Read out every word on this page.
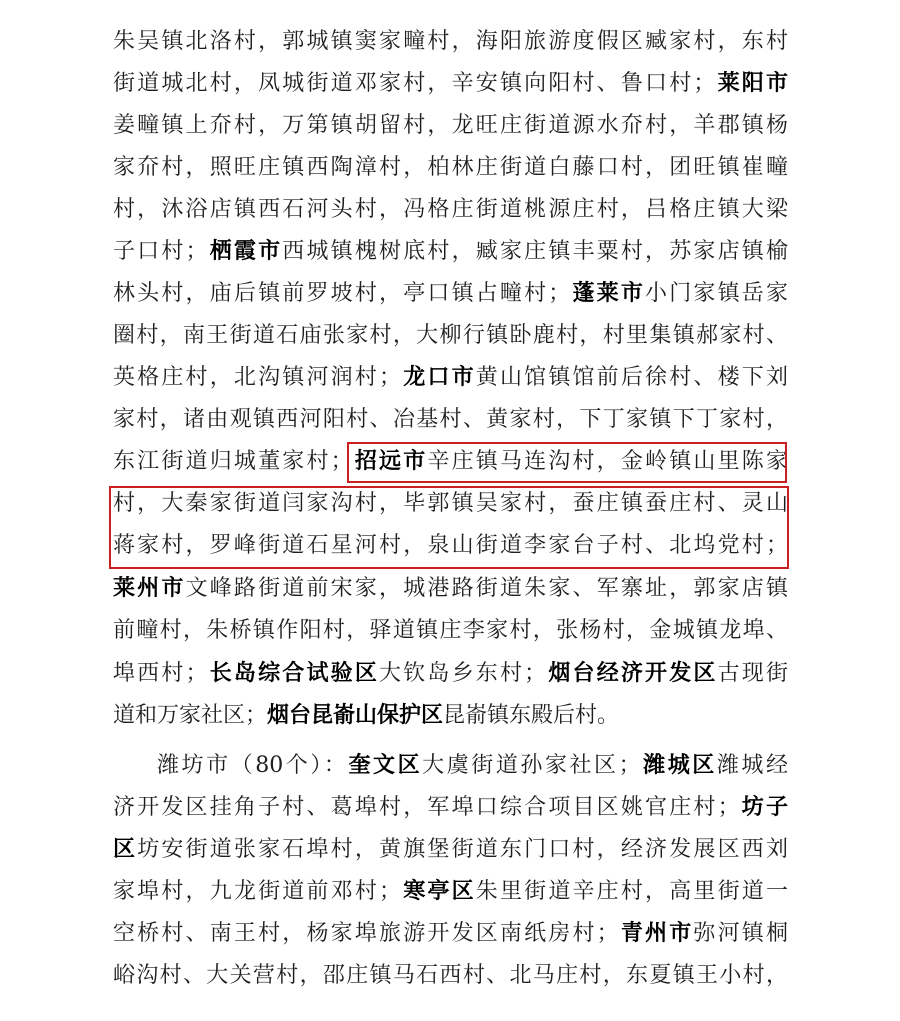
朱吴镇北洛村，郭城镇窦家疃村，海阳旅游度假区臧家村，东村
街道城北村，凤城街道邓家村，辛安镇向阳村、鲁口村；莱阳市
姜疃镇上夼村，万第镇胡留村，龙旺庄街道源水夼村，羊郡镇杨
家夼村，照旺庄镇西陶漳村，柏林庄街道白藤口村，团旺镇崔疃
村，沐浴店镇西石河头村，冯格庄街道桃源庄村，吕格庄镇大梁
子口村；栖霞市西城镇槐树底村，臧家庄镇丰粟村，苏家店镇榆
林头村，庙后镇前罗坡村，亭口镇占疃村；蓬莱市小门家镇岳家
圈村，南王街道石庙张家村，大柳行镇卧鹿村，村里集镇郝家村、
英格庄村，北沟镇河润村；龙口市黄山馆镇馆前后徐村、楼下刘
家村，诸由观镇西河阳村、冶基村、黄家村，下丁家镇下丁家村，
东江街道归城董家村；招远市辛庄镇马连沟村，金岭镇山里陈家
村，大秦家街道闫家沟村，毕郭镇吴家村，蚕庄镇蚕庄村、灵山
蒋家村，罗峰街道石星河村，泉山街道李家台子村、北坞党村；
莱州市文峰路街道前宋家，城港路街道朱家、军寨址，郭家店镇
前疃村，朱桥镇作阳村，驿道镇庄李家村，张杨村，金城镇龙埠、
埠西村；长岛综合试验区大钦岛乡东村；烟台经济开发区古现街
道和万家社区；烟台昆嵛山保护区昆嵛镇东殿后村。
潍坊市（80个）：奎文区大虞街道孙家社区；潍城区潍城经
济开发区挂角子村、葛埠村，军埠口综合项目区姚官庄村；坊子
区坊安街道张家石埠村，黄旗堡街道东门口村，经济发展区西刘
家埠村，九龙街道前邓村；寒亭区朱里街道辛庄村，高里街道一
空桥村、南王村，杨家埠旅游开发区南纸房村；青州市弥河镇桐
峪沟村、大关营村，邵庄镇马石西村、北马庄村，东夏镇王小村，
